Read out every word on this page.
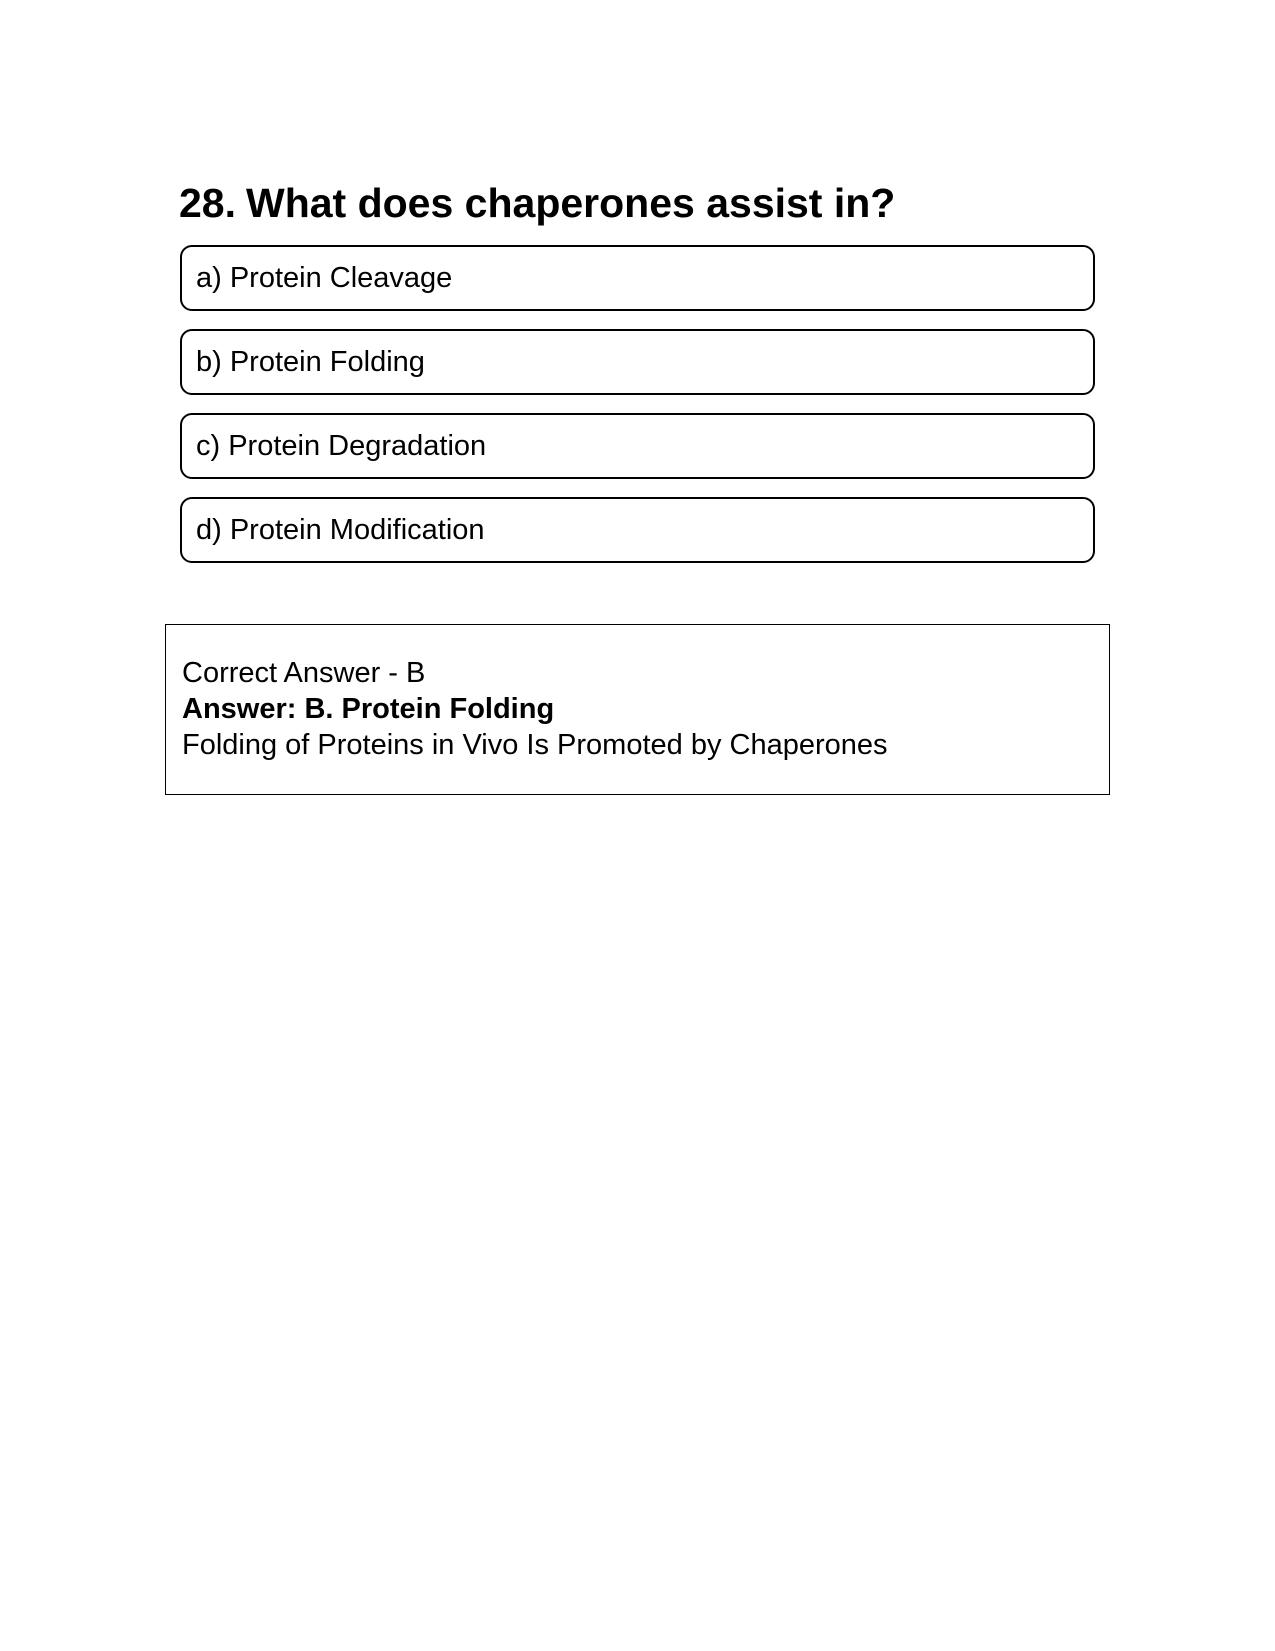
28. What does chaperones assist in?
a) Protein Cleavage
b) Protein Folding
c) Protein Degradation
d) Protein Modification
Correct Answer - B
Answer: B. Protein Folding
Folding of Proteins in Vivo Is Promoted by Chaperones
